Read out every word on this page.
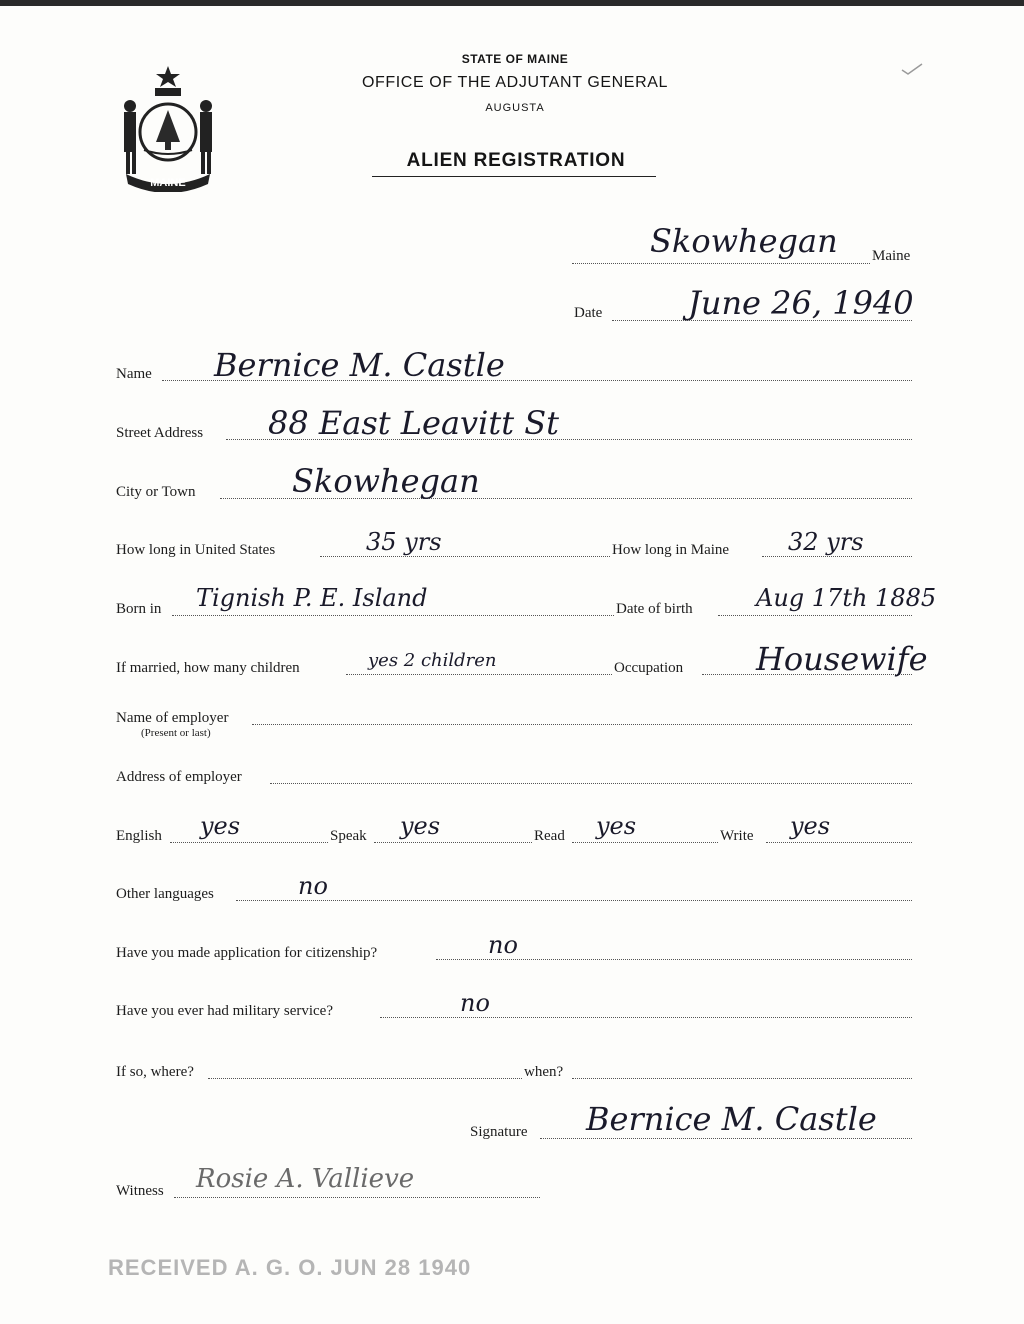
MAINE
STATE OF MAINE
OFFICE OF THE ADJUTANT GENERAL
AUGUSTA
ALIEN REGISTRATION
Skowhegan Maine
Date	June 26, 1940
Name Bernice M. Castle
Street Address 88 East Leavitt St
City or Town	Skowhegan
How long in United States	35 yrs	How long in Maine 32 yrs
Born in Tignish P. E. Island	Date of birth	Aug 17th 1885
If married, how many children	yes 2 children	Occupation Housewife
Name of employer
(Present or last)
Address of employer
English yes	Speak yes	Read yes	Write yes
Other languages	no
Have you made application for citizenship?	no
Have you ever had military service?	no
If so, where?	when?
Signature Bernice M. Castle
Witness Rosie A. Vallieve
RECEIVED A. G. O. JUN 28 1940
